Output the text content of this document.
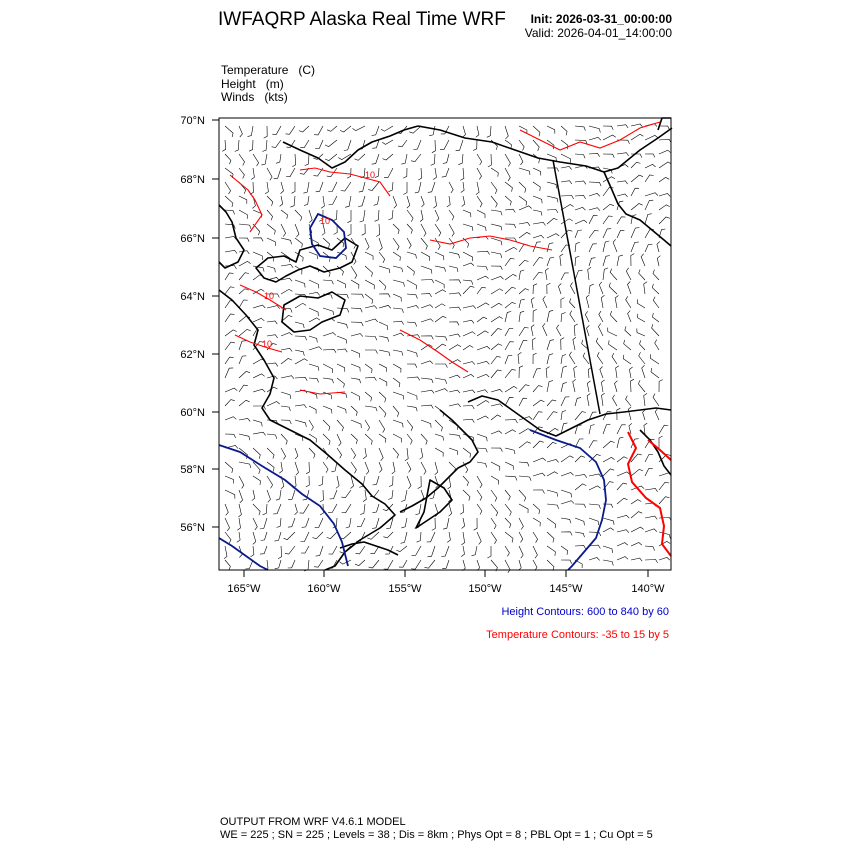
IWFAQRP Alaska Real Time WRF Init: 2026-03-31_00:00:00
Valid: 2026-04-01_14:00:00
Temperature (C)
Height (m)
Winds (kts)
10
10
10
10
70°N
68°N
66°N
64°N
62°N
60°N
58°N
56°N
165°W	160°W	155°W	150°W	145°W	140°W
Height Contours: 600 to 840 by 60
Temperature Contours: -35 to 15 by 5
OUTPUT FROM WRF V4.6.1 MODEL
WE = 225 ; SN = 225 ; Levels = 38 ; Dis = 8km ; Phys Opt = 8 ; PBL Opt = 1 ; Cu Opt = 5
